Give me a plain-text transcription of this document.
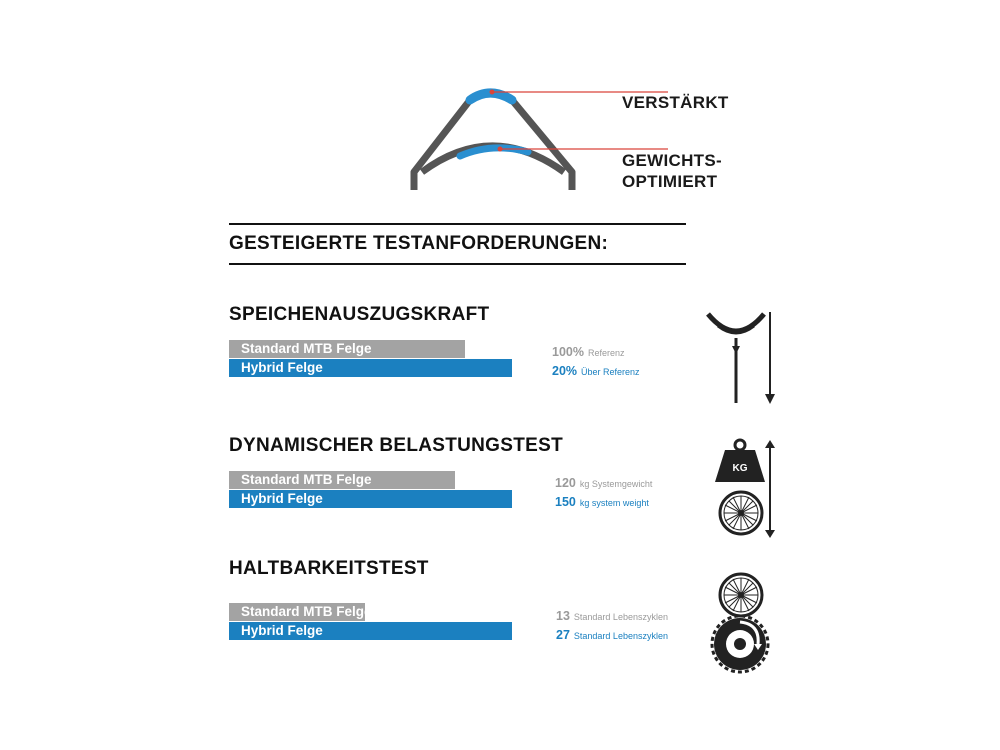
VERSTÄRKT
GEWICHTS-
OPTIMIERT
GESTEIGERTE TESTANFORDERUNGEN:
SPEICHENAUSZUGSKRAFT
Standard MTB Felge
Hybrid Felge
100% Referenz
20% Über Referenz
DYNAMISCHER BELASTUNGSTEST
Standard MTB Felge
Hybrid Felge
120 kg Systemgewicht
150 kg system weight
HALTBARKEITSTEST
Standard MTB Felge
Hybrid Felge
13 Standard Lebenszyklen
27 Standard Lebenszyklen
KG
